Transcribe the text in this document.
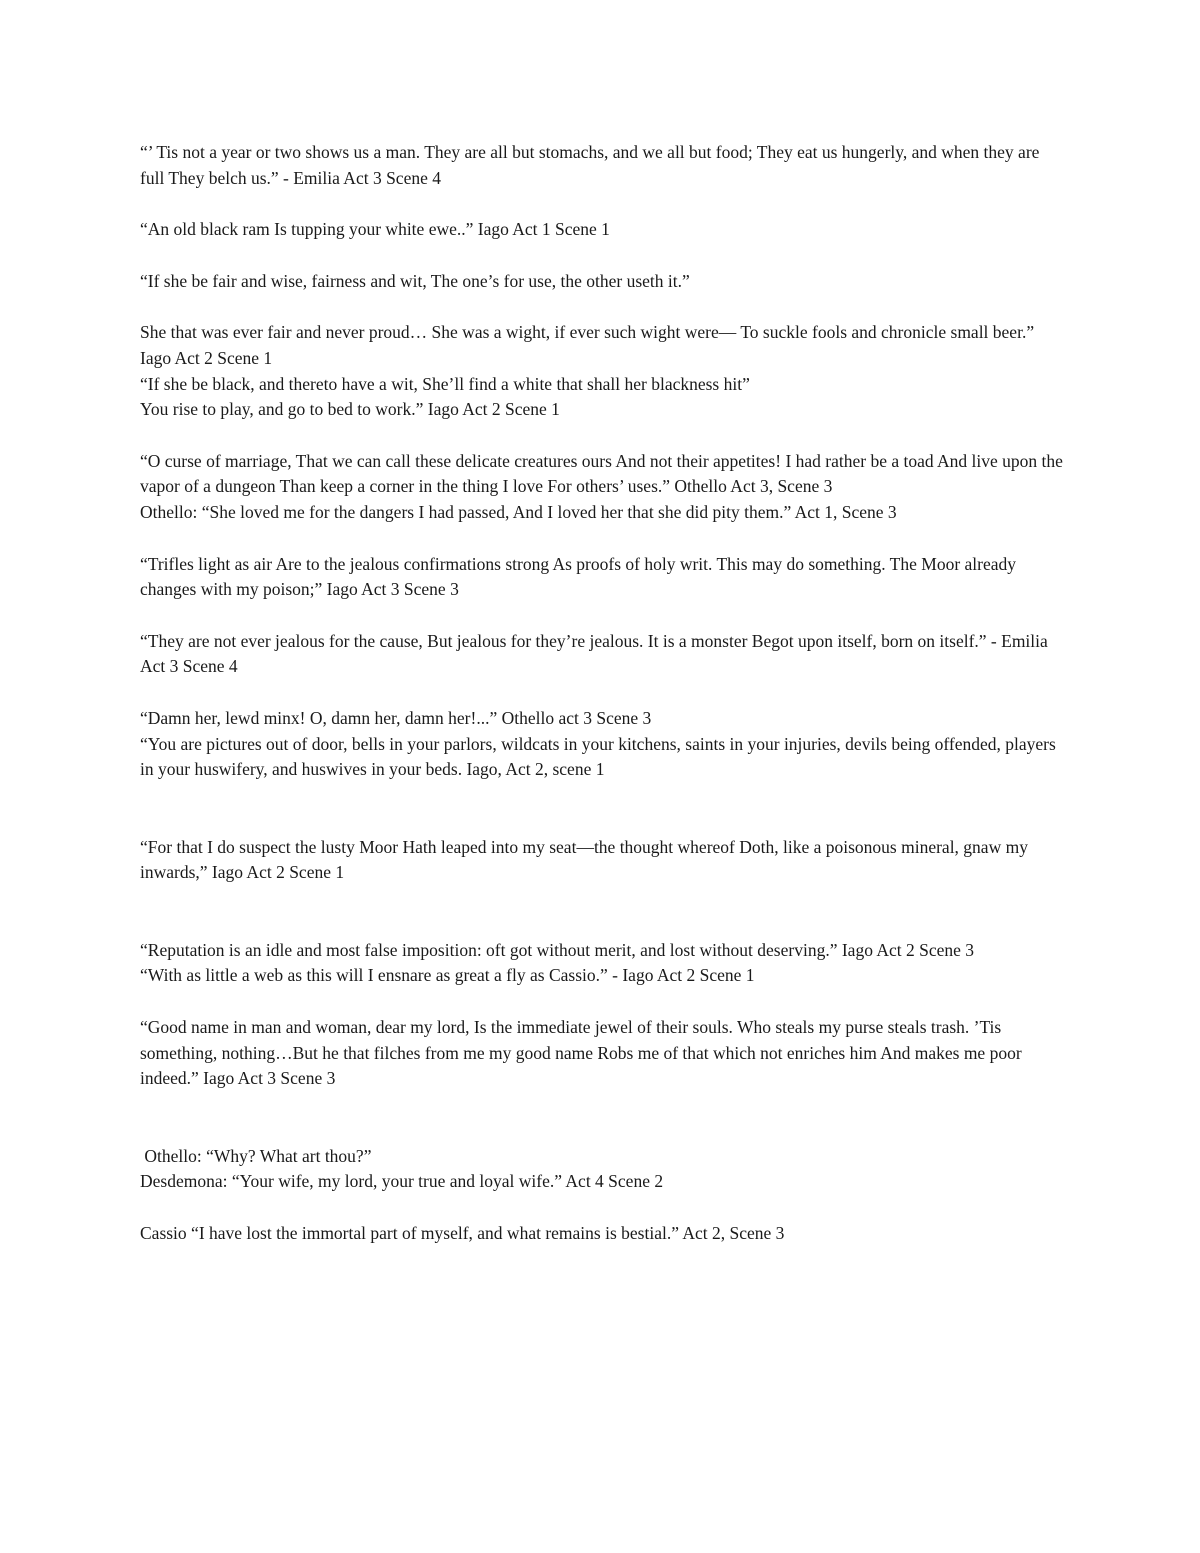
“’ Tis not a year or two shows us a man. They are all but stomachs, and we all but food; They eat us hungerly, and when they are full They belch us.” - Emilia Act 3 Scene 4

“An old black ram Is tupping your white ewe..” Iago Act 1 Scene 1

“If she be fair and wise, fairness and wit, The one’s for use, the other useth it.”

She that was ever fair and never proud… She was a wight, if ever such wight were— To suckle fools and chronicle small beer.” Iago Act 2 Scene 1

“If she be black, and thereto have a wit, She’ll find a white that shall her blackness hit”

You rise to play, and go to bed to work.” Iago Act 2 Scene 1

“O curse of marriage, That we can call these delicate creatures ours And not their appetites! I had rather be a toad And live upon the vapor of a dungeon Than keep a corner in the thing I love For others’ uses.” Othello Act 3, Scene 3

Othello: “She loved me for the dangers I had passed, And I loved her that she did pity them.” Act 1, Scene 3

“Trifles light as air Are to the jealous confirmations strong As proofs of holy writ. This may do something. The Moor already changes with my poison;” Iago Act 3 Scene 3

“They are not ever jealous for the cause, But jealous for they’re jealous. It is a monster Begot upon itself, born on itself.” - Emilia Act 3 Scene 4

“Damn her, lewd minx! O, damn her, damn her!...” Othello act 3 Scene 3

“You are pictures out of door, bells in your parlors, wildcats in your kitchens, saints in your injuries, devils being offended, players in your huswifery, and huswives in your beds. Iago, Act 2, scene 1

“For that I do suspect the lusty Moor Hath leaped into my seat—the thought whereof Doth, like a poisonous mineral, gnaw my inwards,” Iago Act 2 Scene 1

“Reputation is an idle and most false imposition: oft got without merit, and lost without deserving.” Iago Act 2 Scene 3

“With as little a web as this will I ensnare as great a fly as Cassio.” - Iago Act 2 Scene 1

“Good name in man and woman, dear my lord, Is the immediate jewel of their souls. Who steals my purse steals trash. ’Tis something, nothing…But he that filches from me my good name Robs me of that which not enriches him And makes me poor indeed.” Iago Act 3 Scene 3

Othello: “Why? What art thou?”

Desdemona: “Your wife, my lord, your true and loyal wife.” Act 4 Scene 2

Cassio “I have lost the immortal part of myself, and what remains is bestial.” Act 2, Scene 3
